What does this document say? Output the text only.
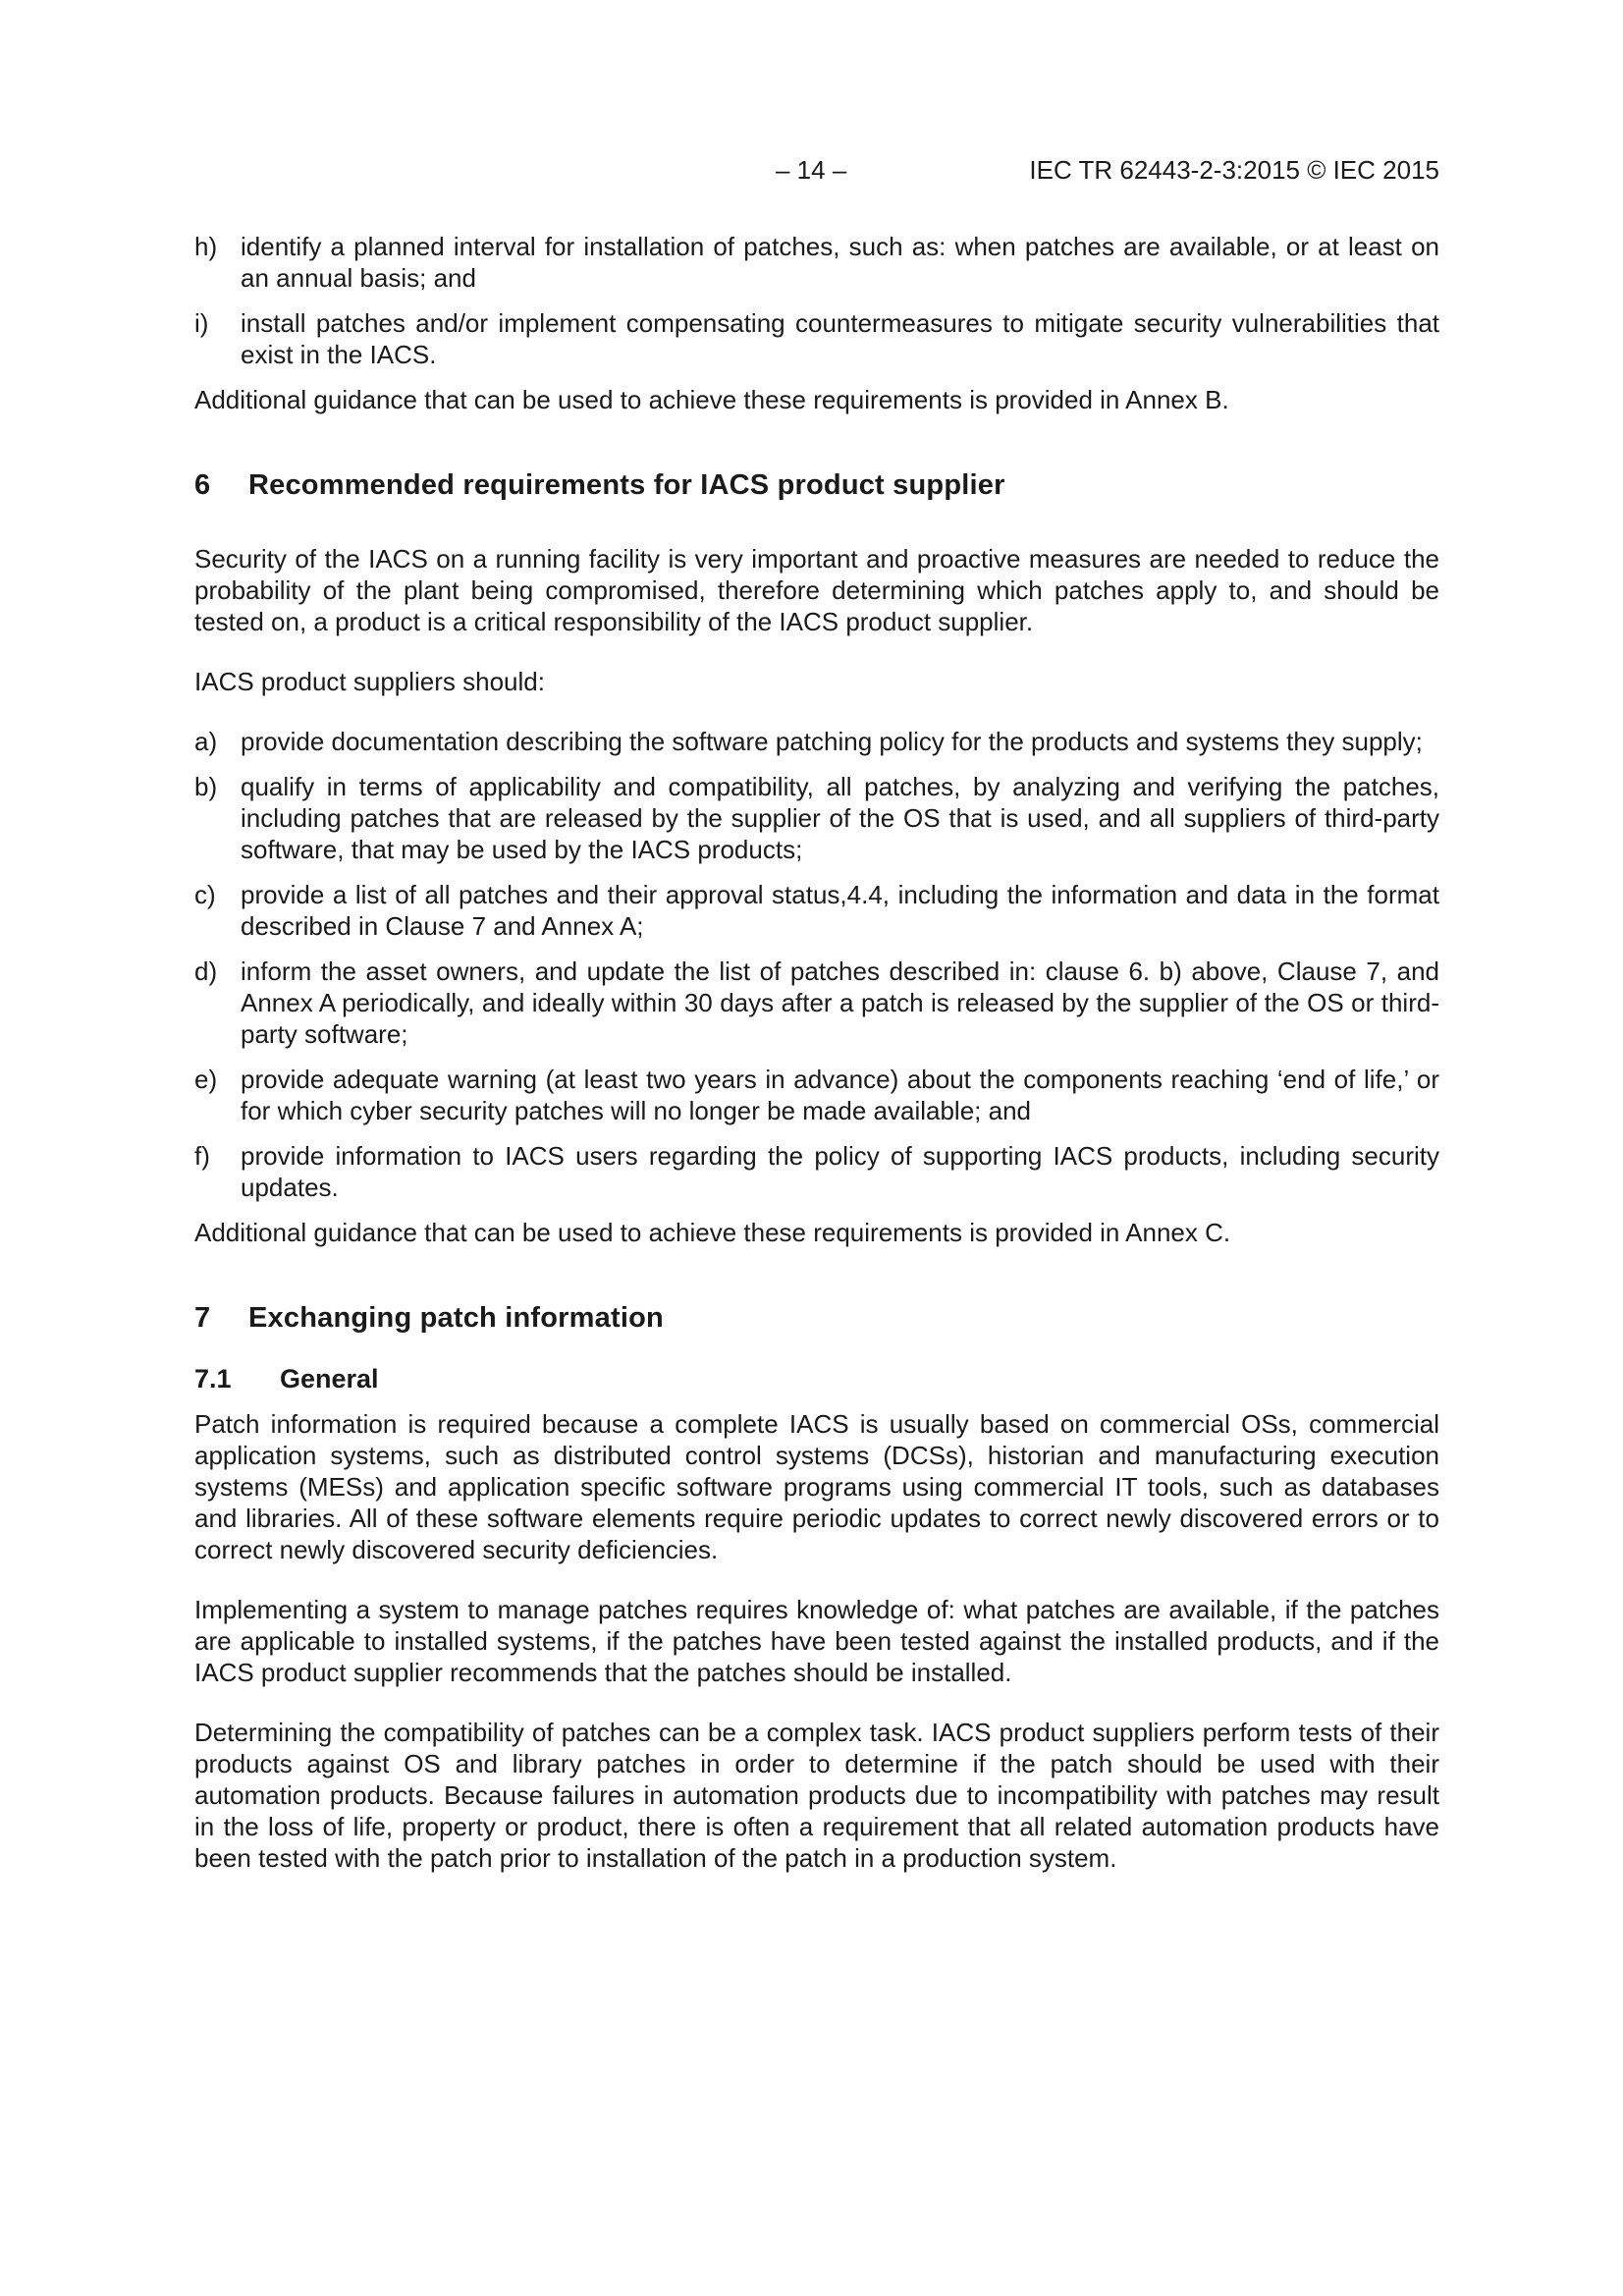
– 14 –	IEC TR 62443-2-3:2015 © IEC 2015
h) identify a planned interval for installation of patches, such as: when patches are available, or at least on an annual basis; and
i)	install patches and/or implement compensating countermeasures to mitigate security vulnerabilities that exist in the IACS.

Additional guidance that can be used to achieve these requirements is provided in Annex B.

6	Recommended requirements for IACS product supplier

Security of the IACS on a running facility is very important and proactive measures are needed to reduce the probability of the plant being compromised, therefore determining which patches apply to, and should be tested on, a product is a critical responsibility of the IACS product supplier.

IACS product suppliers should:

a) provide documentation describing the software patching policy for the products and systems they supply;
b) qualify in terms of applicability and compatibility, all patches, by analyzing and verifying the patches, including patches that are released by the supplier of the OS that is used, and all suppliers of third-party software, that may be used by the IACS products;
c) provide a list of all patches and their approval status,4.4, including the information and data in the format described in Clause 7 and Annex A;
d) inform the asset owners, and update the list of patches described in: clause 6. b) above, Clause 7, and Annex A periodically, and ideally within 30 days after a patch is released by the supplier of the OS or third-party software;
e) provide adequate warning (at least two years in advance) about the components reaching ‘end of life,’ or for which cyber security patches will no longer be made available; and
f)	provide information to IACS users regarding the policy of supporting IACS products, including security updates.

Additional guidance that can be used to achieve these requirements is provided in Annex C.

7	Exchanging patch information
7.1	General

Patch information is required because a complete IACS is usually based on commercial OSs, commercial application systems, such as distributed control systems (DCSs), historian and manufacturing execution systems (MESs) and application specific software programs using commercial IT tools, such as databases and libraries. All of these software elements require periodic updates to correct newly discovered errors or to correct newly discovered security deficiencies.

Implementing a system to manage patches requires knowledge of: what patches are available, if the patches are applicable to installed systems, if the patches have been tested against the installed products, and if the IACS product supplier recommends that the patches should be installed.

Determining the compatibility of patches can be a complex task. IACS product suppliers perform tests of their products against OS and library patches in order to determine if the patch should be used with their automation products. Because failures in automation products due to incompatibility with patches may result in the loss of life, property or product, there is often a requirement that all related automation products have been tested with the patch prior to installation of the patch in a production system.
